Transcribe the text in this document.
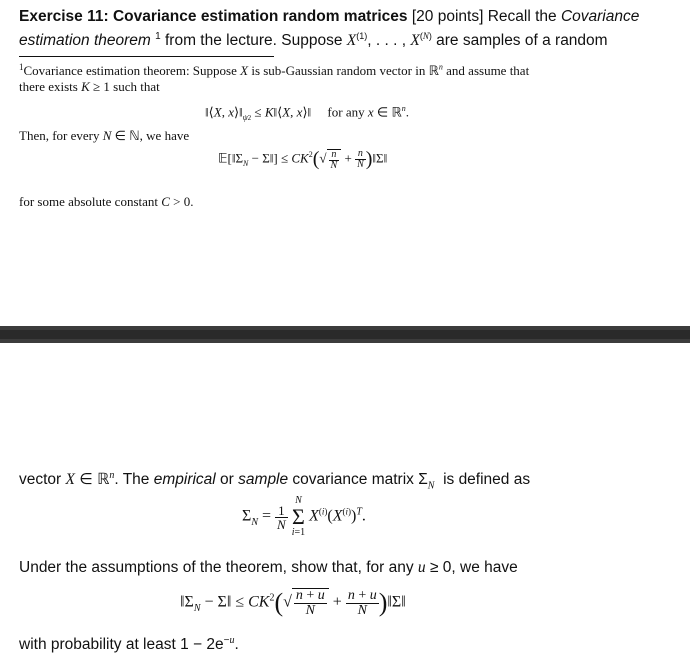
Exercise 11: Covariance estimation random matrices [20 points] Recall the Covariance
estimation theorem $^1$ from the lecture. Suppose $X^{(1)}$, . . . , $X^{(N)}$ are samples of a random
$^1$Covariance estimation theorem: Suppose X is sub-Gaussian random vector in ℝ$^n$ and assume that
there exists K ≥ 1 such that
‖⟨X, $x⟩‖_{\psi 2}$ ≤ K‖⟨X, x⟩‖     for any x ∈ ℝ$^n$.
Then, for every N ∈ ℕ, we have
$𝔼[‖\Sigma_N$ − Σ‖] ≤ $CK^2(√ \frac{n}{N} + \frac{n}{N}$ )‖Σ‖
for some absolute constant C > 0.
vector X ∈ ℝ$^n$. The empirical or sample covariance matrix $\Sigma_N$  is defined as
$\Sigma_N = \frac{1}{N}$

N
Σ
i=1
$X^{(i)}(X^{(i)})^T$.
Under the assumptions of the theorem, show that, for any u ≥ 0, we have
$‖\Sigma_N$ − Σ‖ ≤ $CK^2(√ \frac{n + u}{N} + \frac{n + u}{N}$ )‖Σ‖
with probability at least $1 - 2e^{-u}$.
